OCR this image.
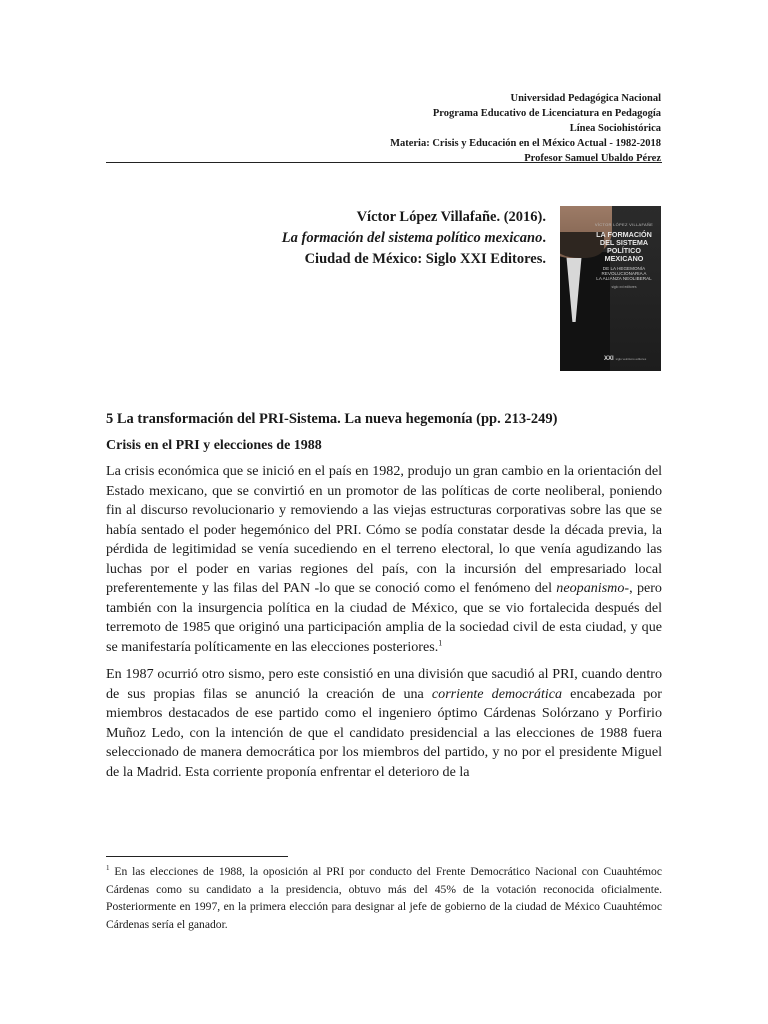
Universidad Pedagógica Nacional
Programa Educativo de Licenciatura en Pedagogía
Línea Sociohistórica
Materia: Crisis y Educación en el México Actual - 1982-2018
Profesor Samuel Ubaldo Pérez
Víctor López Villafañe. (2016).
La formación del sistema político mexicano.
Ciudad de México: Siglo XXI Editores.
VÍCTOR LÓPEZ VILLAFAÑE
LA FORMACIÓN
DEL SISTEMA
POLÍTICO
MEXICANO
DE LA HEGEMONÍA
REVOLUCIONARIA A
LA ALIANZA NEOLIBERAL
siglo xxi editores
XXI siglo veintiuno editores
5 La transformación del PRI-Sistema. La nueva hegemonía (pp. 213-249)
Crisis en el PRI y elecciones de 1988

La crisis económica que se inició en el país en 1982, produjo un gran cambio en la orientación del Estado mexicano, que se convirtió en un promotor de las políticas de corte neoliberal, poniendo fin al discurso revolucionario y removiendo a las viejas estructuras corporativas sobre las que se había sentado el poder hegemónico del PRI. Cómo se podía constatar desde la década previa, la pérdida de legitimidad se venía sucediendo en el terreno electoral, lo que venía agudizando las luchas por el poder en varias regiones del país, con la incursión del empresariado local preferentemente y las filas del PAN -lo que se conoció como el fenómeno del neopanismo-, pero también con la insurgencia política en la ciudad de México, que se vio fortalecida después del terremoto de 1985 que originó una participación amplia de la sociedad civil de esta ciudad, y que se manifestaría políticamente en las elecciones posteriores.$^1$

En 1987 ocurrió otro sismo, pero este consistió en una división que sacudió al PRI, cuando dentro de sus propias filas se anunció la creación de una corriente democrática encabezada por miembros destacados de ese partido como el ingeniero óptimo Cárdenas Solórzano y Porfirio Muñoz Ledo, con la intención de que el candidato presidencial a las elecciones de 1988 fuera seleccionado de manera democrática por los miembros del partido, y no por el presidente Miguel de la Madrid. Esta corriente proponía enfrentar el deterioro de la

$^1$ En las elecciones de 1988, la oposición al PRI por conducto del Frente Democrático Nacional con Cuauhtémoc Cárdenas como su candidato a la presidencia, obtuvo más del 45% de la votación reconocida oficialmente. Posteriormente en 1997, en la primera elección para designar al jefe de gobierno de la ciudad de México Cuauhtémoc Cárdenas sería el ganador.
